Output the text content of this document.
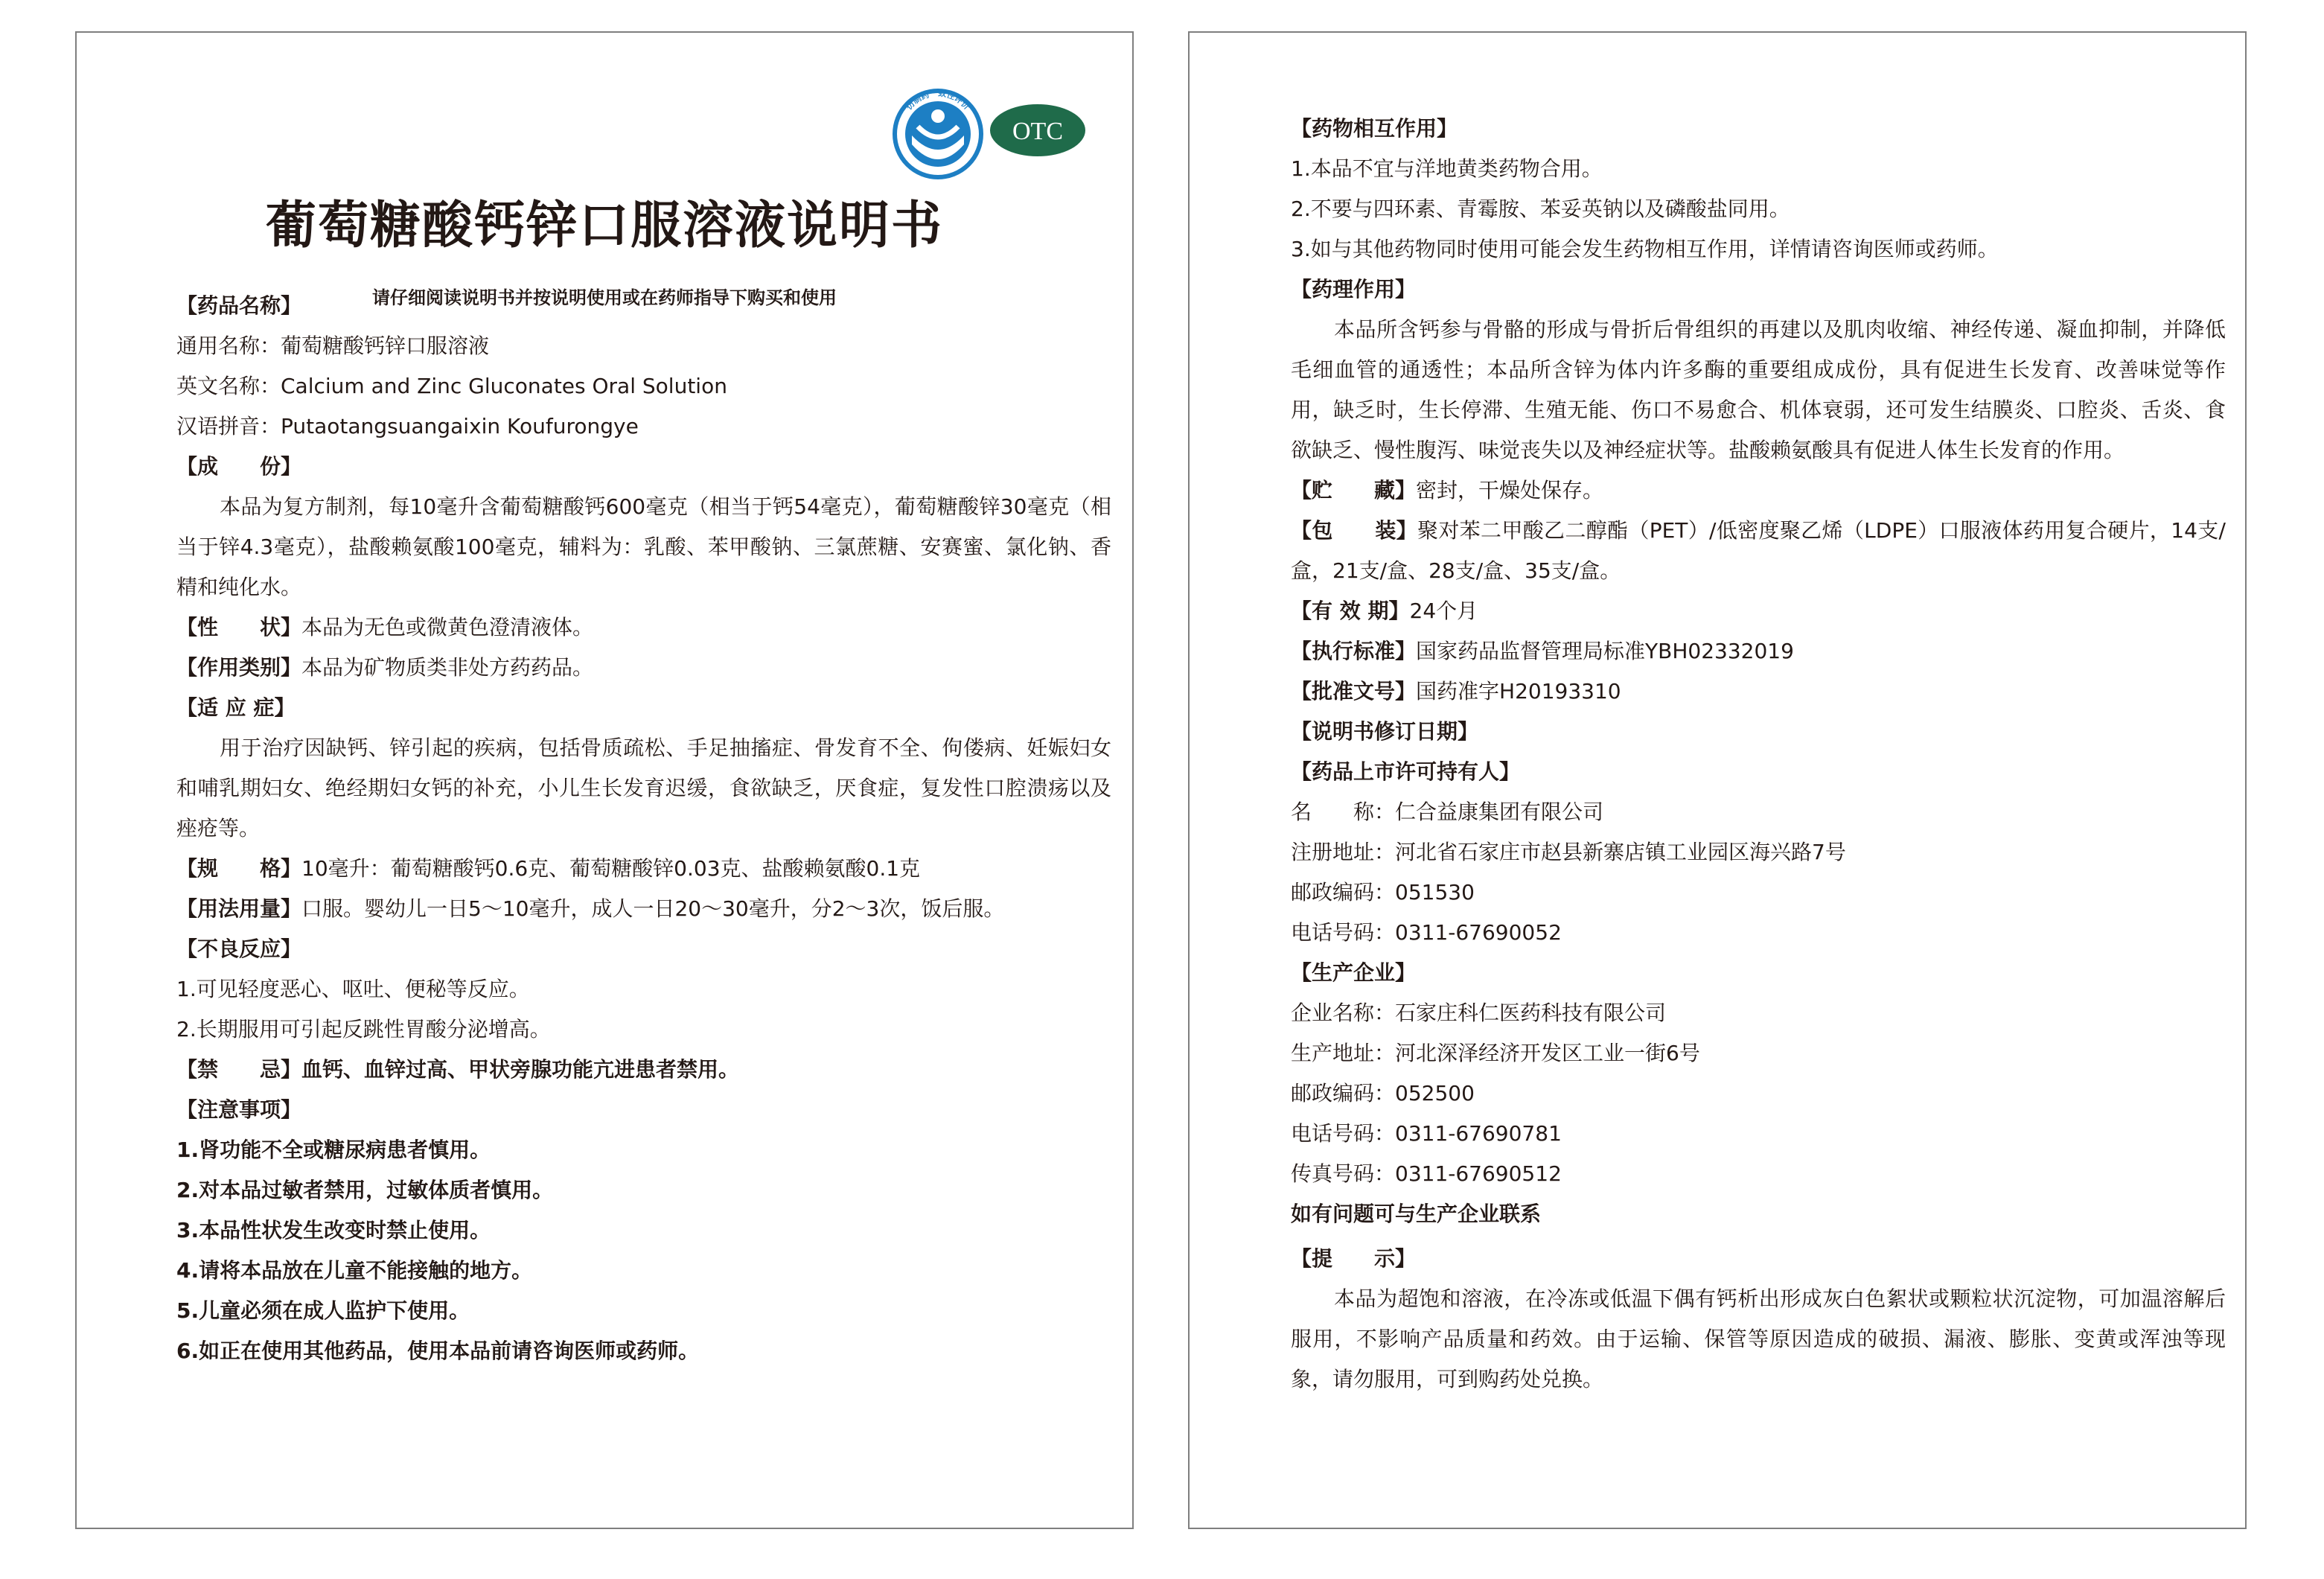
仿制药一致性评价
OTC
葡萄糖酸钙锌口服溶液说明书

请仔细阅读说明书并按说明使用或在药师指导下购买和使用

【药品名称】

通用名称：葡萄糖酸钙锌口服溶液

英文名称：Calcium and Zinc Gluconates Oral Solution

汉语拼音：Putaotangsuangaixin Koufurongye

【成　　份】

本品为复方制剂，每10毫升含葡萄糖酸钙600毫克（相当于钙54毫克），葡萄糖酸锌30毫克（相当于锌4.3毫克），盐酸赖氨酸100毫克，辅料为：乳酸、苯甲酸钠、三氯蔗糖、安赛蜜、氯化钠、香精和纯化水。

【性　　状】本品为无色或微黄色澄清液体。

【作用类别】本品为矿物质类非处方药药品。

【适 应 症】

用于治疗因缺钙、锌引起的疾病，包括骨质疏松、手足抽搐症、骨发育不全、佝偻病、妊娠妇女和哺乳期妇女、绝经期妇女钙的补充，小儿生长发育迟缓，食欲缺乏，厌食症，复发性口腔溃疡以及痤疮等。

【规　　格】10毫升：葡萄糖酸钙0.6克、葡萄糖酸锌0.03克、盐酸赖氨酸0.1克

【用法用量】口服。婴幼儿一日5～10毫升，成人一日20～30毫升，分2～3次，饭后服。

【不良反应】

1.可见轻度恶心、呕吐、便秘等反应。

2.长期服用可引起反跳性胃酸分泌增高。

【禁　　忌】血钙、血锌过高、甲状旁腺功能亢进患者禁用。

【注意事项】

1.肾功能不全或糖尿病患者慎用。

2.对本品过敏者禁用，过敏体质者慎用。

3.本品性状发生改变时禁止使用。

4.请将本品放在儿童不能接触的地方。

5.儿童必须在成人监护下使用。

6.如正在使用其他药品，使用本品前请咨询医师或药师。

【药物相互作用】

1.本品不宜与洋地黄类药物合用。

2.不要与四环素、青霉胺、苯妥英钠以及磷酸盐同用。

3.如与其他药物同时使用可能会发生药物相互作用，详情请咨询医师或药师。

【药理作用】

本品所含钙参与骨骼的形成与骨折后骨组织的再建以及肌肉收缩、神经传递、凝血抑制，并降低毛细血管的通透性；本品所含锌为体内许多酶的重要组成成份，具有促进生长发育、改善味觉等作用，缺乏时，生长停滞、生殖无能、伤口不易愈合、机体衰弱，还可发生结膜炎、口腔炎、舌炎、食欲缺乏、慢性腹泻、味觉丧失以及神经症状等。盐酸赖氨酸具有促进人体生长发育的作用。

【贮　　藏】密封，干燥处保存。

【包　　装】聚对苯二甲酸乙二醇酯（PET）/低密度聚乙烯（LDPE）口服液体药用复合硬片，14支/盒，21支/盒、28支/盒、35支/盒。

【有 效 期】24个月

【执行标准】国家药品监督管理局标准YBH02332019

【批准文号】国药准字H20193310

【说明书修订日期】

【药品上市许可持有人】

名　　称：仁合益康集团有限公司

注册地址：河北省石家庄市赵县新寨店镇工业园区海兴路7号

邮政编码：051530

电话号码：0311-67690052

【生产企业】

企业名称：石家庄科仁医药科技有限公司

生产地址：河北深泽经济开发区工业一街6号

邮政编码：052500

电话号码：0311-67690781

传真号码：0311-67690512

如有问题可与生产企业联系

【提　　示】

本品为超饱和溶液，在冷冻或低温下偶有钙析出形成灰白色絮状或颗粒状沉淀物，可加温溶解后服用，不影响产品质量和药效。由于运输、保管等原因造成的破损、漏液、膨胀、变黄或浑浊等现象，请勿服用，可到购药处兑换。
